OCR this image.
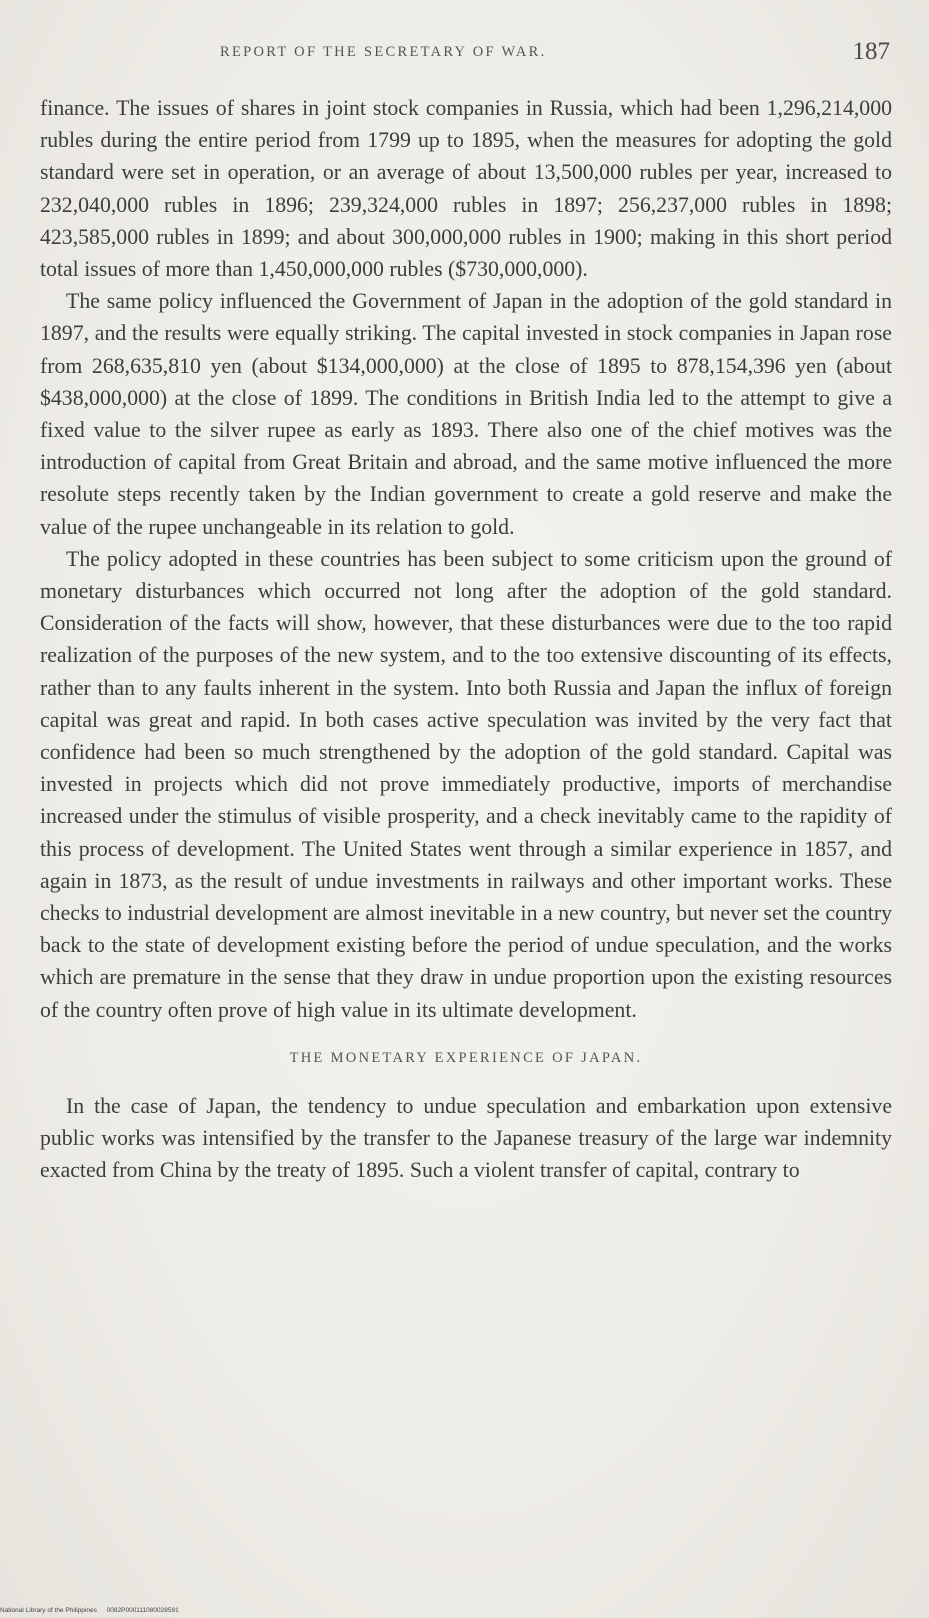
REPORT OF THE SECRETARY OF WAR.	187

finance. The issues of shares in joint stock companies in Russia, which had been 1,296,214,000 rubles during the entire period from 1799 up to 1895, when the measures for adopting the gold standard were set in operation, or an average of about 13,500,000 rubles per year, increased to 232,040,000 rubles in 1896; 239,324,000 rubles in 1897; 256,237,000 rubles in 1898; 423,585,000 rubles in 1899; and about 300,000,000 rubles in 1900; making in this short period total issues of more than 1,450,000,000 rubles ($730,000,000).

The same policy influenced the Government of Japan in the adoption of the gold standard in 1897, and the results were equally striking. The capital invested in stock companies in Japan rose from 268,635,810 yen (about $134,000,000) at the close of 1895 to 878,154,396 yen (about $438,000,000) at the close of 1899. The conditions in British India led to the attempt to give a fixed value to the silver rupee as early as 1893. There also one of the chief motives was the introduction of capital from Great Britain and abroad, and the same motive influenced the more resolute steps recently taken by the Indian government to create a gold reserve and make the value of the rupee unchangeable in its relation to gold.

The policy adopted in these countries has been subject to some criticism upon the ground of monetary disturbances which occurred not long after the adoption of the gold standard. Consideration of the facts will show, however, that these disturbances were due to the too rapid realization of the purposes of the new system, and to the too extensive discounting of its effects, rather than to any faults inherent in the system. Into both Russia and Japan the influx of foreign capital was great and rapid. In both cases active speculation was invited by the very fact that confidence had been so much strengthened by the adoption of the gold standard. Capital was invested in projects which did not prove immediately productive, imports of merchandise increased under the stimulus of visible prosperity, and a check inevitably came to the rapidity of this process of development. The United States went through a similar experience in 1857, and again in 1873, as the result of undue investments in railways and other important works. These checks to industrial development are almost inevitable in a new country, but never set the country back to the state of development existing before the period of undue speculation, and the works which are premature in the sense that they draw in undue proportion upon the existing resources of the country often prove of high value in its ultimate development.

THE MONETARY EXPERIENCE OF JAPAN.

In the case of Japan, the tendency to undue speculation and embarkation upon extensive public works was intensified by the transfer to the Japanese treasury of the large war indemnity exacted from China by the treaty of 1895. Such a violent transfer of capital, contrary to

National Library of the Philippines 0082P000111080028591
